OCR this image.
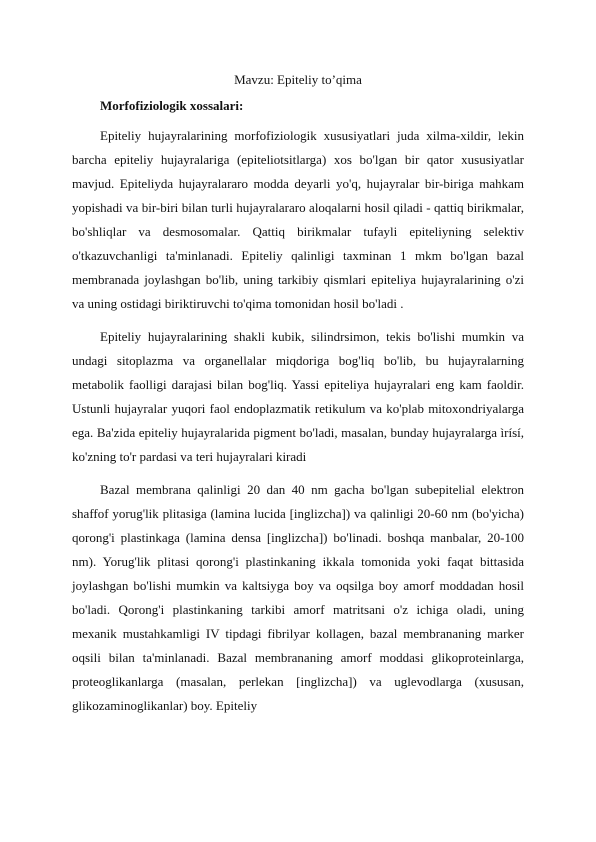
Mavzu: Epiteliy to’qima

Morfofiziologik xossalari:

Epiteliy hujayralarining morfofiziologik xususiyatlari juda xilma-xildir, lekin barcha epiteliy hujayralariga (epiteliotsitlarga) xos bo'lgan bir qator xususiyatlar mavjud. Epiteliyda hujayralararo modda deyarli yo'q, hujayralar bir-biriga mahkam yopishadi va bir-biri bilan turli hujayralararo aloqalarni hosil qiladi - qattiq birikmalar, bo'shliqlar va desmosomalar. Qattiq birikmalar tufayli epiteliyning selektiv o'tkazuvchanligi ta'minlanadi. Epiteliy qalinligi taxminan 1 mkm bo'lgan bazal membranada joylashgan bo'lib, uning tarkibiy qismlari epiteliya hujayralarining o'zi va uning ostidagi biriktiruvchi to'qima tomonidan hosil bo'ladi .

Epiteliy hujayralarining shakli kubik, silindrsimon, tekis bo'lishi mumkin va undagi sitoplazma va organellalar miqdoriga bog'liq bo'lib, bu hujayralarning metabolik faolligi darajasi bilan bog'liq. Yassi epiteliya hujayralari eng kam faoldir. Ustunli hujayralar yuqori faol endoplazmatik retikulum va ko'plab mitoxondriyalarga ega. Ba'zida epiteliy hujayralarida pigment bo'ladi, masalan, bunday hujayralarga ìrísí, ko'zning to'r pardasi va teri hujayralari kiradi

Bazal membrana qalinligi 20 dan 40 nm gacha bo'lgan subepitelial elektron shaffof yorug'lik plitasiga (lamina lucida [inglizcha]) va qalinligi 20-60 nm (bo'yicha) qorong'i plastinkaga (lamina densa [inglizcha]) bo'linadi. boshqa manbalar, 20-100 nm). Yorug'lik plitasi qorong'i plastinkaning ikkala tomonida yoki faqat bittasida joylashgan bo'lishi mumkin va kaltsiyga boy va oqsilga boy amorf moddadan hosil bo'ladi. Qorong'i plastinkaning tarkibi amorf matritsani o'z ichiga oladi, uning mexanik mustahkamligi IV tipdagi fibrilyar kollagen, bazal membrananing marker oqsili bilan ta'minlanadi. Bazal membrananing amorf moddasi glikoproteinlarga, proteoglikanlarga (masalan, perlekan [inglizcha]) va uglevodlarga (xususan, glikozaminoglikanlar) boy. Epiteliy
